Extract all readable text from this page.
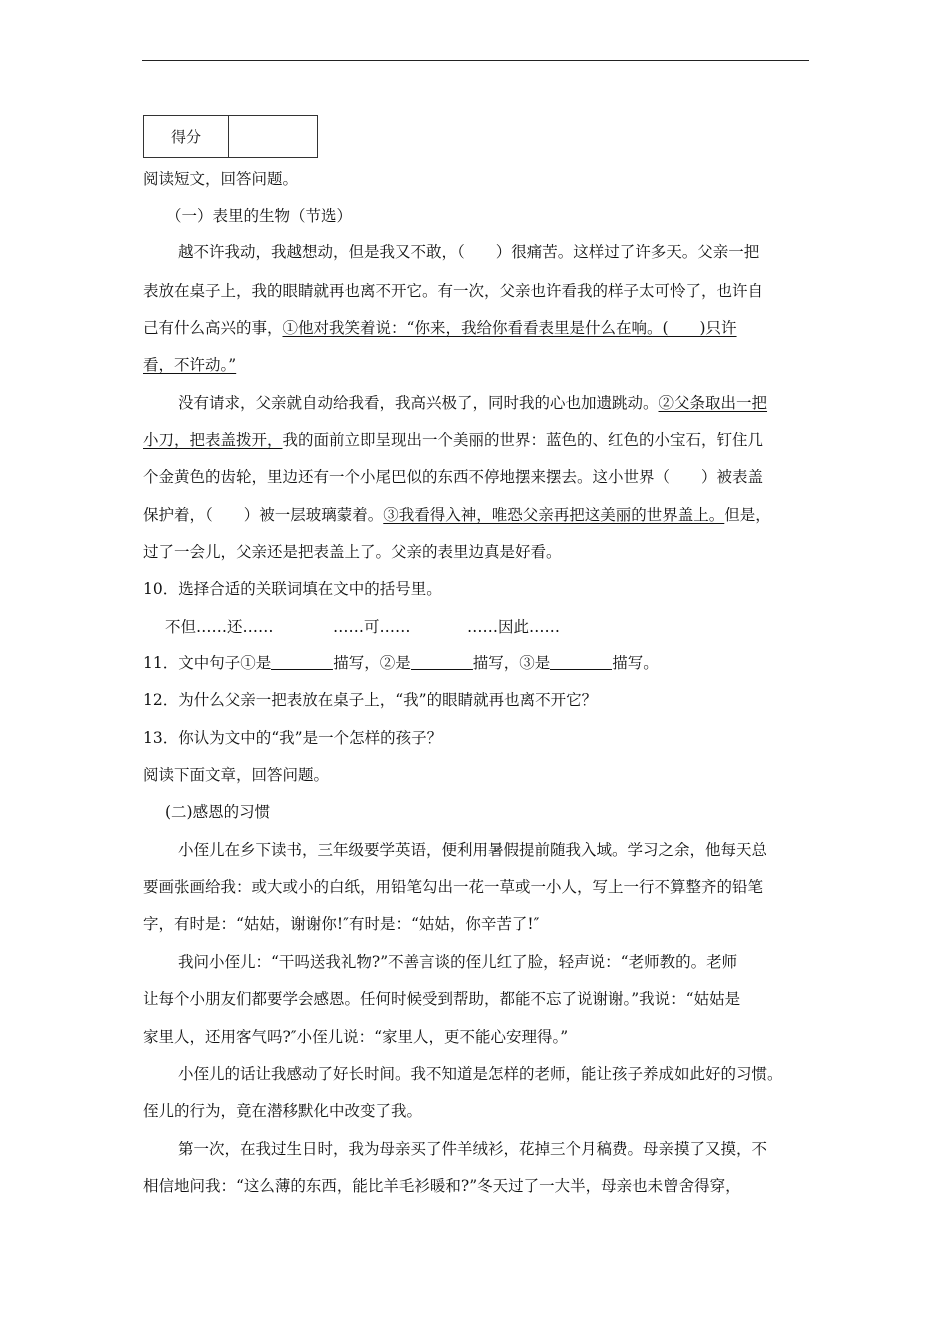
得分	
阅读短文，回答问题。
（一）表里的生物（节选）
越不许我动，我越想动，但是我又不敢，（　　）很痛苦。这样过了许多天。父亲一把
表放在桌子上，我的眼睛就再也离不开它。有一次，父亲也许看我的样子太可怜了，也许自
己有什么高兴的事，①他对我笑着说：“你来，我给你看看表里是什么在响。(　　)只许
看，不许动。”
没有请求，父亲就自动给我看，我高兴极了，同时我的心也加遗跳动。②父条取出一把
小刀，把表盖拨开，我的面前立即呈现出一个美丽的世界：蓝色的、红色的小宝石，钉住几
个金黄色的齿轮，里边还有一个小尾巴似的东西不停地摆来摆去。这小世界（　　）被表盖
保护着，（　　）被一层玻璃蒙着。③我看得入神，唯恐父亲再把这美丽的世界盖上。但是，
过了一会儿，父亲还是把表盖上了。父亲的表里边真是好看。
10．选择合适的关联词填在文中的括号里。
不但……还……	……可……	……因此……
11．文中句子①是	描写，②是	描写，③是	描写。
12．为什么父亲一把表放在桌子上，“我”的眼睛就再也离不开它？
13．你认为文中的“我”是一个怎样的孩子？
阅读下面文章，回答问题。
(二)感恩的习惯
小侄儿在乡下读书，三年级要学英语，便利用暑假提前随我入域。学习之余，他每天总
要画张画给我：或大或小的白纸，用铅笔勾出一花一草或一小人，写上一行不算整齐的铅笔
字，有时是：“姑姑，谢谢你!″有时是：“姑姑，你辛苦了!″
我问小侄儿：“干吗送我礼物?”不善言谈的侄儿红了脸，轻声说：“老师教的。老师
让每个小朋友们都要学会感恩。任何时候受到帮助，都能不忘了说谢谢。”我说：“姑姑是
家里人，还用客气吗?″小侄儿说：“家里人，更不能心安理得。”
小侄儿的话让我感动了好长时间。我不知道是怎样的老师，能让孩子养成如此好的习惯。
侄儿的行为，竟在潜移默化中改变了我。
第一次，在我过生日时，我为母亲买了件羊绒衫，花掉三个月稿费。母亲摸了又摸，不
相信地问我：“这么薄的东西，能比羊毛衫暖和?”冬天过了一大半，母亲也未曾舍得穿，
